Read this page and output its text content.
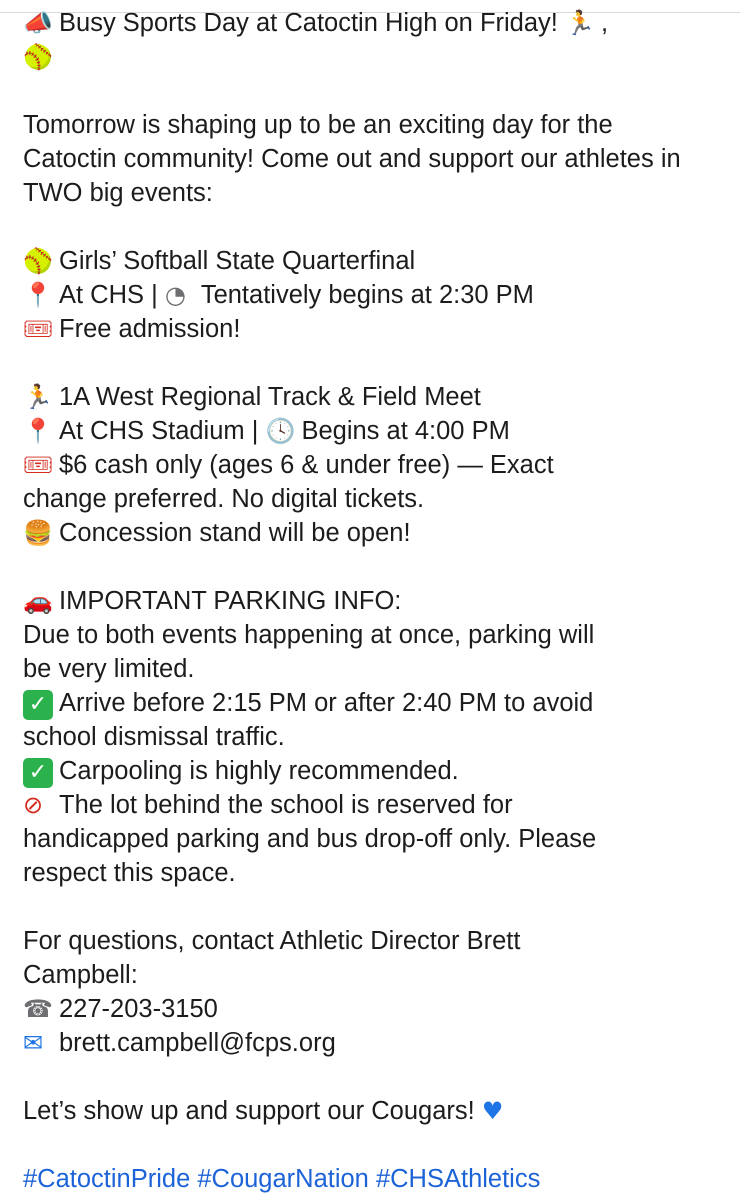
📣 Busy Sports Day at Catoctin High on Friday! 🏃 ,
🥎
Tomorrow is shaping up to be an exciting day for the Catoctin community! Come out and support our athletes in TWO big events:
🥎 Girls’ Softball State Quarterfinal
📍 At CHS | ◔ Tentatively begins at 2:30 PM
🎟 Free admission!
🏃 1A West Regional Track & Field Meet
📍 At CHS Stadium | 🕓 Begins at 4:00 PM
🎟 $6 cash only (ages 6 & under free) — Exact
change preferred. No digital tickets.
🍔 Concession stand will be open!
🚗 IMPORTANT PARKING INFO:
Due to both events happening at once, parking will
be very limited.
✓ Arrive before 2:15 PM or after 2:40 PM to avoid
school dismissal traffic.
✓ Carpooling is highly recommended.
⊘ The lot behind the school is reserved for
handicapped parking and bus drop-off only. Please
respect this space.
For questions, contact Athletic Director Brett
Campbell:
☎ 227-203-3150
✉ brett.campbell@fcps.org
Let’s show up and support our Cougars! ♥
#CatoctinPride #CougarNation #CHSAthletics
